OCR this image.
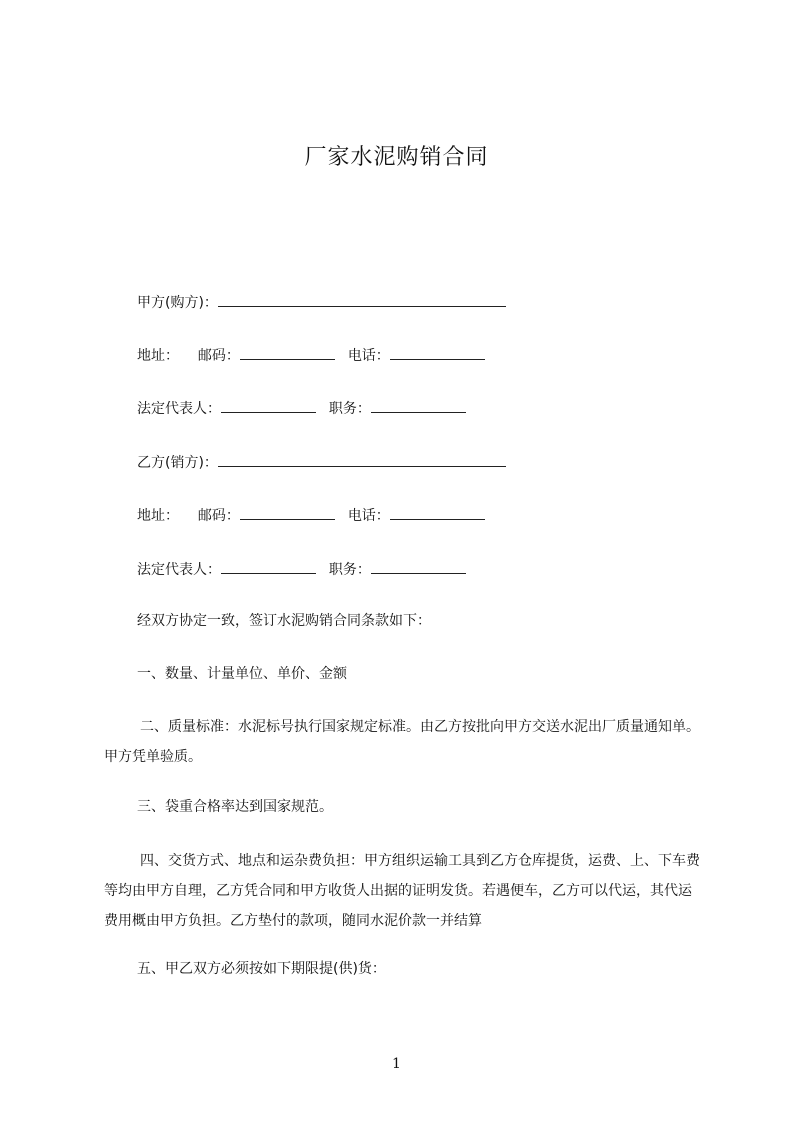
厂家水泥购销合同
甲方(购方)：
地址： 邮码：	电话：
法定代表人：	职务：
乙方(销方)：
地址： 邮码：	电话：
法定代表人：	职务：
经双方协定一致，签订水泥购销合同条款如下：
一、数量、计量单位、单价、金额
二、质量标准：水泥标号执行国家规定标准。由乙方按批向甲方交送水泥出厂质量通知单。甲方凭单验质。
三、袋重合格率达到国家规范。
四、交货方式、地点和运杂费负担：甲方组织运输工具到乙方仓库提货，运费、上、下车费等均由甲方自理，乙方凭合同和甲方收货人出据的证明发货。若遇便车，乙方可以代运，其代运费用概由甲方负担。乙方垫付的款项，随同水泥价款一并结算
五、甲乙双方必须按如下期限提(供)货：
1
